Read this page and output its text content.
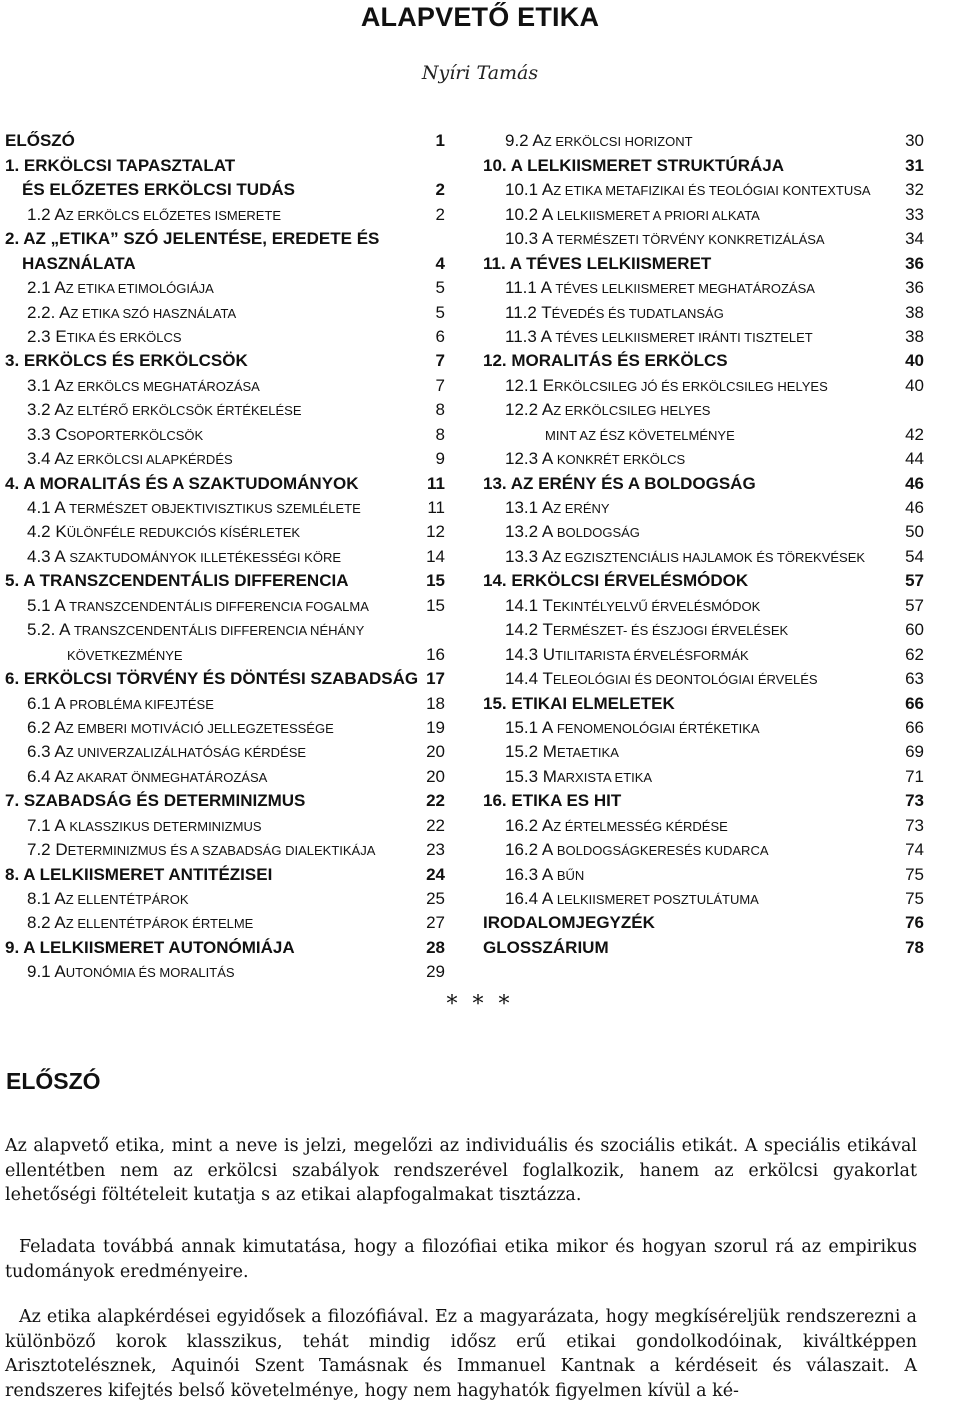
ALAPVETŐ ETIKA
Nyíri Tamás
ELŐSZÓ	1
1. ERKÖLCSI TAPASZTALAT
ÉS ELŐZETES ERKÖLCSI TUDÁS	2
1.2 AZ ERKÖLCS ELŐZETES ISMERETE	2
2. AZ „ETIKA” SZÓ JELENTÉSE, EREDETE ÉS
HASZNÁLATA	4
2.1 AZ ETIKA ETIMOLÓGIÁJA	5
2.2. AZ ETIKA SZÓ HASZNÁLATA	5
2.3 ETIKA ÉS ERKÖLCS	6
3. ERKÖLCS ÉS ERKÖLCSÖK	7
3.1 AZ ERKÖLCS MEGHATÁROZÁSA	7
3.2 AZ ELTÉRŐ ERKÖLCSÖK ÉRTÉKELÉSE	8
3.3 CSOPORTERKÖLCSÖK	8
3.4 AZ ERKÖLCSI ALAPKÉRDÉS	9
4. A MORALITÁS ÉS A SZAKTUDOMÁNYOK	11
4.1 A TERMÉSZET OBJEKTIVISZTIKUS SZEMLÉLETE	11
4.2 KÜLÖNFÉLE REDUKCIÓS KÍSÉRLETEK	12
4.3 A SZAKTUDOMÁNYOK ILLETÉKESSÉGI KÖRE	14
5. A TRANSZCENDENTÁLIS DIFFERENCIA	15
5.1 A TRANSZCENDENTÁLIS DIFFERENCIA FOGALMA	15
5.2. A TRANSZCENDENTÁLIS DIFFERENCIA NÉHÁNY
KÖVETKEZMÉNYE	16
6. ERKÖLCSI TÖRVÉNY ÉS DÖNTÉSI SZABADSÁG 17
6.1 A PROBLÉMA KIFEJTÉSE	18
6.2 AZ EMBERI MOTIVÁCIÓ JELLEGZETESSÉGE	19
6.3 AZ UNIVERZALIZÁLHATÓSÁG KÉRDÉSE	20
6.4 AZ AKARAT ÖNMEGHATÁROZÁSA	20
7. SZABADSÁG ÉS DETERMINIZMUS	22
7.1 A KLASSZIKUS DETERMINIZMUS	22
7.2 DETERMINIZMUS ÉS A SZABADSÁG DIALEKTIKÁJA	23
8. A LELKIISMERET ANTITÉZISEI	24
8.1 AZ ELLENTÉTPÁROK	25
8.2 AZ ELLENTÉTPÁROK ÉRTELME	27
9. A LELKIISMERET AUTONÓMIÁJA	28
9.1 AUTONÓMIA ÉS MORALITÁS	29
9.2 AZ ERKÖLCSI HORIZONT	30
10. A LELKIISMERET STRUKTÚRÁJA	31
10.1 AZ ETIKA METAFIZIKAI ÉS TEOLÓGIAI KONTEXTUSA 32
10.2 A LELKIISMERET A PRIORI ALKATA	33
10.3 A TERMÉSZETI TÖRVÉNY KONKRETIZÁLÁSA	34
11. A TÉVES LELKIISMERET	36
11.1 A TÉVES LELKIISMERET MEGHATÁROZÁSA	36
11.2 TÉVEDÉS ÉS TUDATLANSÁG	38
11.3 A TÉVES LELKIISMERET IRÁNTI TISZTELET	38
12. MORALITÁS ÉS ERKÖLCS	40
12.1 ERKÖLCSILEG JÓ ÉS ERKÖLCSILEG HELYES	40
12.2 AZ ERKÖLCSILEG HELYES
MINT AZ ÉSZ KÖVETELMÉNYE	42
12.3 A KONKRÉT ERKÖLCS	44
13. AZ ERÉNY ÉS A BOLDOGSÁG	46
13.1 AZ ERÉNY	46
13.2 A BOLDOGSÁG	50
13.3 AZ EGZISZTENCIÁLIS HAJLAMOK ÉS TÖREKVÉSEK 54
14. ERKÖLCSI ÉRVELÉSMÓDOK	57
14.1 TEKINTÉLYELVŰ ÉRVELÉSMÓDOK	57
14.2 TERMÉSZET- ÉS ÉSZJOGI ÉRVELÉSEK	60
14.3 UTILITARISTA ÉRVELÉSFORMÁK	62
14.4 TELEOLÓGIAI ÉS DEONTOLÓGIAI ÉRVELÉS	63
15. ETIKAI ELMELETEK	66
15.1 A FENOMENOLÓGIAI ÉRTÉKETIKA	66
15.2 METAETIKA	69
15.3 MARXISTA ETIKA	71
16. ETIKA ES HIT	73
16.2 AZ ÉRTELMESSÉG KÉRDÉSE	73
16.2 A BOLDOGSÁGKERESÉS KUDARCA	74
16.3 A BŰN	75
16.4 A LELKIISMERET POSZTULÁTUMA	75
IRODALOMJEGYZÉK	76
GLOSSZÁRIUM	78
* * *
ELŐSZÓ

Az alapvető etika, mint a neve is jelzi, megelőzi az individuális és szociális etikát. A speciális etikával ellentétben nem az erkölcsi szabályok rendszerével foglalkozik, hanem az erkölcsi gyakorlat lehetőségi föltételeit kutatja s az etikai alapfogalmakat tisztázza.

Feladata továbbá annak kimutatása, hogy a filozófiai etika mikor és hogyan szorul rá az empirikus tudományok eredményeire.

Az etika alapkérdései egyidősek a filozófiával. Ez a magyarázata, hogy megkíséreljük rendszerezni a különböző korok klasszikus, tehát mindig idősz erű etikai gondolkodóinak, kiváltképpen Arisztotelésznek, Aquinói Szent Tamásnak és Immanuel Kantnak a kérdéseit és válaszait. A rendszeres kifejtés belső követelménye, hogy nem hagyhatók figyelmen kívül a ké-
